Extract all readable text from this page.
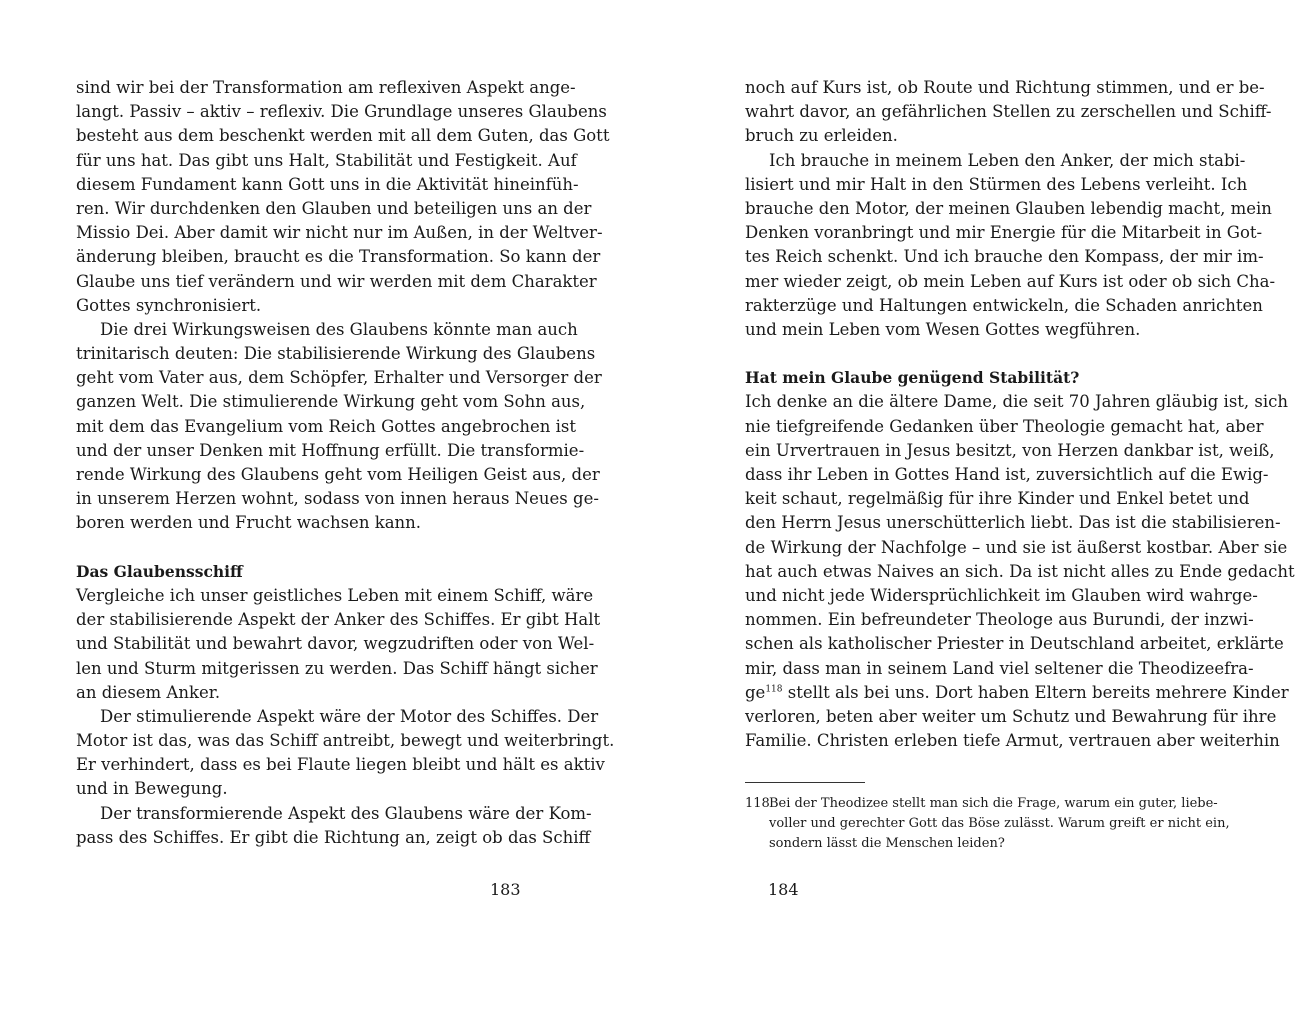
sind wir bei der Transformation am reflexiven Aspekt ange-
langt. Passiv – aktiv – reflexiv. Die Grundlage unseres Glaubens
besteht aus dem beschenkt werden mit all dem Guten, das Gott
für uns hat. Das gibt uns Halt, Stabilität und Festigkeit. Auf
diesem Fundament kann Gott uns in die Aktivität hineinfüh-
ren. Wir durchdenken den Glauben und beteiligen uns an der
Missio Dei. Aber damit wir nicht nur im Außen, in der Weltver-
änderung bleiben, braucht es die Transformation. So kann der
Glaube uns tief verändern und wir werden mit dem Charakter
Gottes synchronisiert.
Die drei Wirkungsweisen des Glaubens könnte man auch
trinitarisch deuten: Die stabilisierende Wirkung des Glaubens
geht vom Vater aus, dem Schöpfer, Erhalter und Versorger der
ganzen Welt. Die stimulierende Wirkung geht vom Sohn aus,
mit dem das Evangelium vom Reich Gottes angebrochen ist
und der unser Denken mit Hoffnung erfüllt. Die transformie-
rende Wirkung des Glaubens geht vom Heiligen Geist aus, der
in unserem Herzen wohnt, sodass von innen heraus Neues ge-
boren werden und Frucht wachsen kann.
Das Glaubensschiff
Vergleiche ich unser geistliches Leben mit einem Schiff, wäre
der stabilisierende Aspekt der Anker des Schiffes. Er gibt Halt
und Stabilität und bewahrt davor, wegzudriften oder von Wel-
len und Sturm mitgerissen zu werden. Das Schiff hängt sicher
an diesem Anker.
Der stimulierende Aspekt wäre der Motor des Schiffes. Der
Motor ist das, was das Schiff antreibt, bewegt und weiterbringt.
Er verhindert, dass es bei Flaute liegen bleibt und hält es aktiv
und in Bewegung.
Der transformierende Aspekt des Glaubens wäre der Kom-
pass des Schiffes. Er gibt die Richtung an, zeigt ob das Schiff
noch auf Kurs ist, ob Route und Richtung stimmen, und er be-
wahrt davor, an gefährlichen Stellen zu zerschellen und Schiff-
bruch zu erleiden.
Ich brauche in meinem Leben den Anker, der mich stabi-
lisiert und mir Halt in den Stürmen des Lebens verleiht. Ich
brauche den Motor, der meinen Glauben lebendig macht, mein
Denken voranbringt und mir Energie für die Mitarbeit in Got-
tes Reich schenkt. Und ich brauche den Kompass, der mir im-
mer wieder zeigt, ob mein Leben auf Kurs ist oder ob sich Cha-
rakterzüge und Haltungen entwickeln, die Schaden anrichten
und mein Leben vom Wesen Gottes wegführen.
Hat mein Glaube genügend Stabilität?
Ich denke an die ältere Dame, die seit 70 Jahren gläubig ist, sich
nie tiefgreifende Gedanken über Theologie gemacht hat, aber
ein Urvertrauen in Jesus besitzt, von Herzen dankbar ist, weiß,
dass ihr Leben in Gottes Hand ist, zuversichtlich auf die Ewig-
keit schaut, regelmäßig für ihre Kinder und Enkel betet und
den Herrn Jesus unerschütterlich liebt. Das ist die stabilisieren-
de Wirkung der Nachfolge – und sie ist äußerst kostbar. Aber sie
hat auch etwas Naives an sich. Da ist nicht alles zu Ende gedacht
und nicht jede Widersprüchlichkeit im Glauben wird wahrge-
nommen. Ein befreundeter Theologe aus Burundi, der inzwi-
schen als katholischer Priester in Deutschland arbeitet, erklärte
mir, dass man in seinem Land viel seltener die Theodizeefra-
$ge^{118}$ stellt als bei uns. Dort haben Eltern bereits mehrere Kinder
verloren, beten aber weiter um Schutz und Bewahrung für ihre
Familie. Christen erleben tiefe Armut, vertrauen aber weiterhin
118Bei der Theodizee stellt man sich die Frage, warum ein guter, liebe-
voller und gerechter Gott das Böse zulässt. Warum greift er nicht ein,
sondern lässt die Menschen leiden?
183	184
